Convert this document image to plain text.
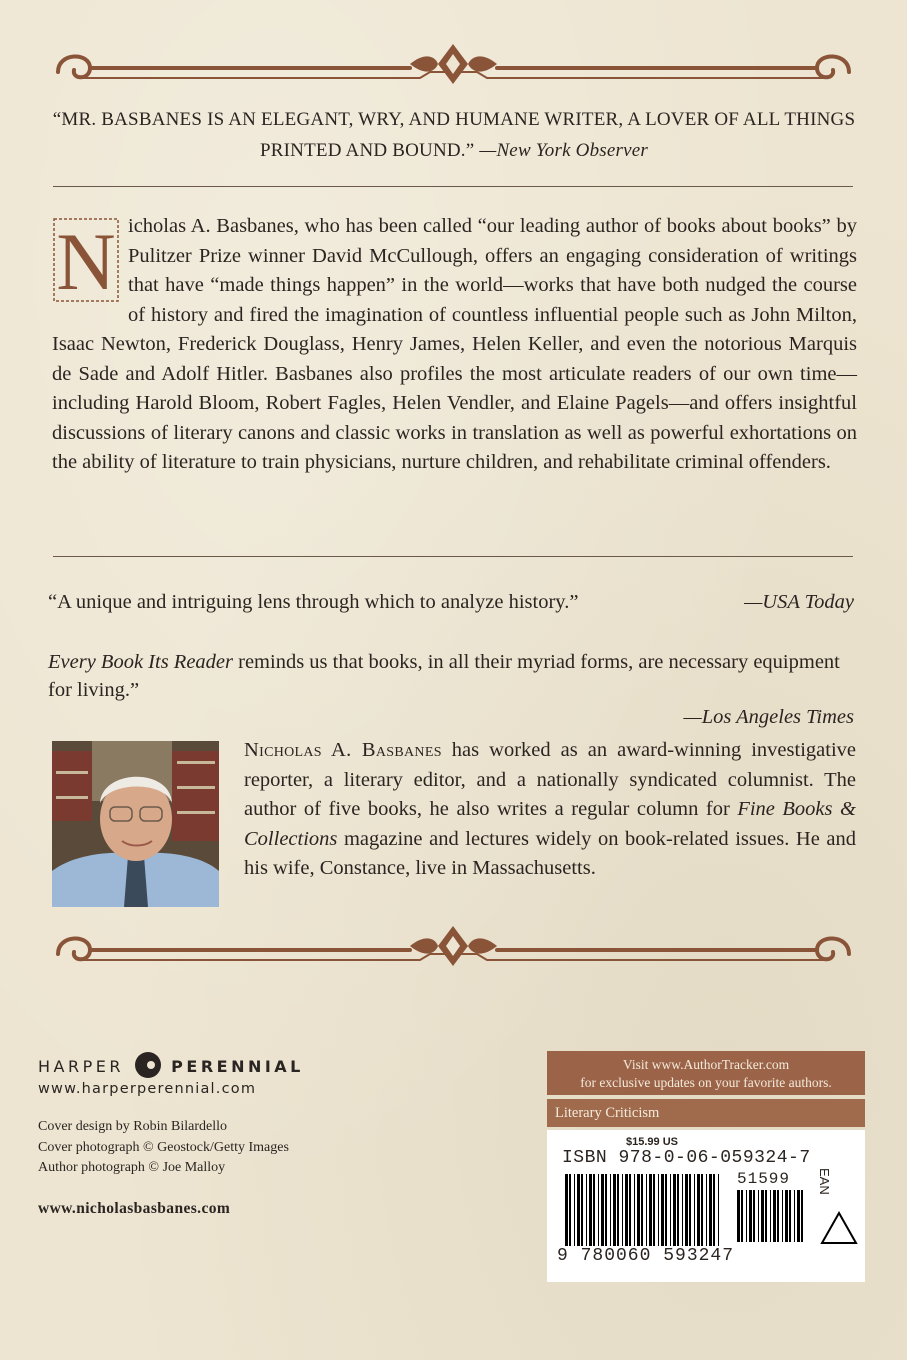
“MR. BASBANES IS AN ELEGANT, WRY, AND HUMANE WRITER, A LOVER OF ALL THINGS PRINTED AND BOUND.” —New York Observer
N icholas A. Basbanes, who has been called “our leading author of books about books” by Pulitzer Prize winner David McCullough, offers an engaging consideration of writings that have “made things happen” in the world—works that have both nudged the course of history and fired the imagination of countless influential people such as John Milton, Isaac Newton, Frederick Douglass, Henry James, Helen Keller, and even the notorious Marquis de Sade and Adolf Hitler. Basbanes also profiles the most articulate readers of our own time—including Harold Bloom, Robert Fagles, Helen Vendler, and Elaine Pagels—and offers insightful discussions of literary canons and classic works in translation as well as powerful exhortations on the ability of literature to train physicians, nurture children, and rehabilitate criminal offenders.
“A unique and intriguing lens through which to analyze history.”	—USA Today
Every Book Its Reader reminds us that books, in all their myriad forms, are necessary equipment for living.”
—Los Angeles Times
Nicholas A. Basbanes has worked as an award-winning investigative reporter, a literary editor, and a nationally syndicated columnist. The author of five books, he also writes a regular column for Fine Books & Collections magazine and lectures widely on book-related issues. He and his wife, Constance, live in Massachusetts.
HARPER	PERENNIAL
www.harperperennial.com
Cover design by Robin Bilardello
Cover photograph © Geostock/Getty Images
Author photograph © Joe Malloy
www.nicholasbasbanes.com
Visit www.AuthorTracker.com
for exclusive updates on your favorite authors.
Literary Criticism
$15.99 US
ISBN 978-0-06-059324-7
51599
9 780060 593247
EAN
